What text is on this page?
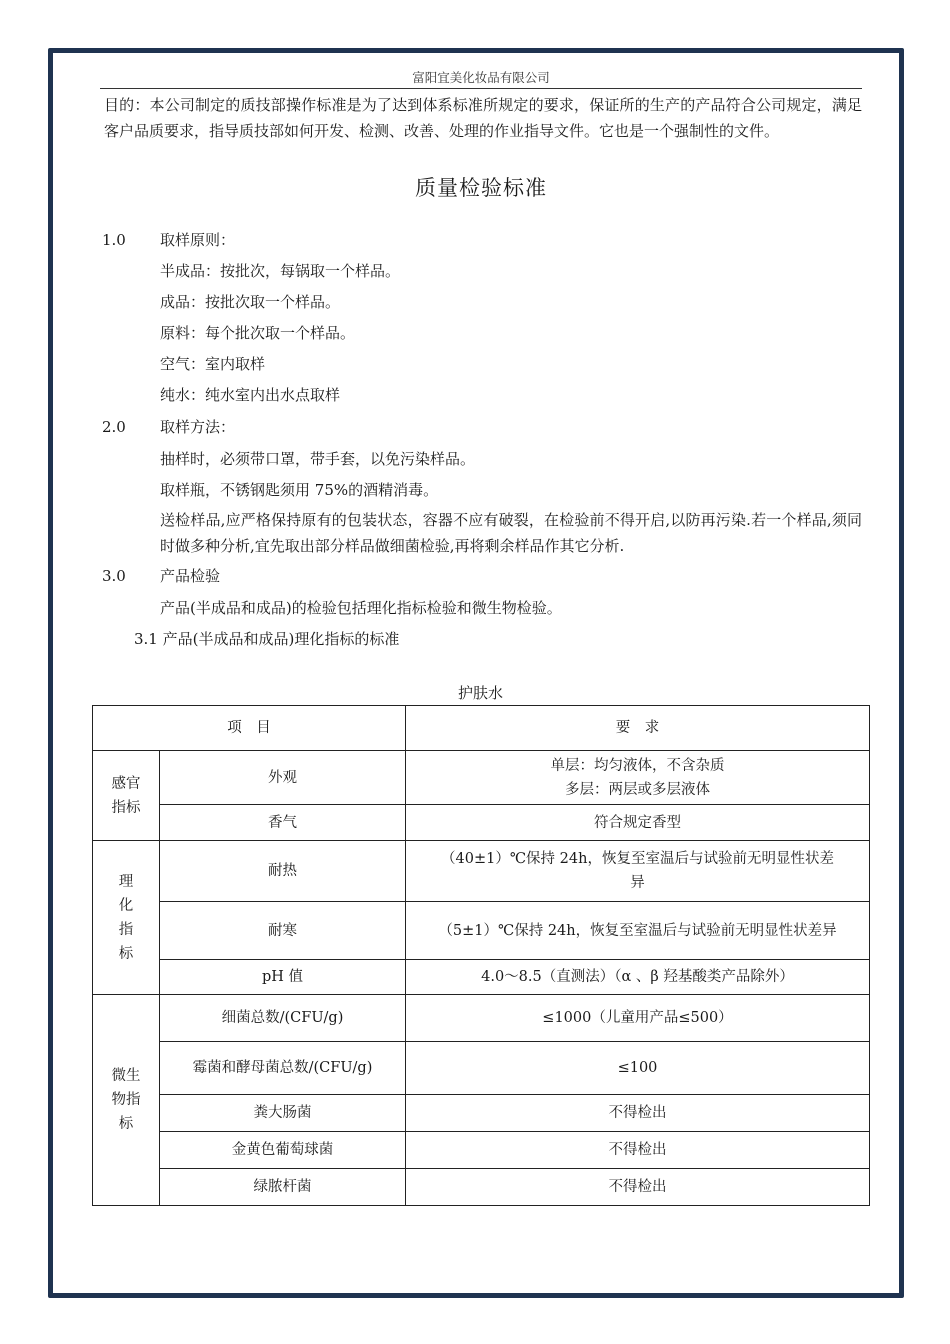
富阳宜美化妆品有限公司
目的：本公司制定的质技部操作标准是为了达到体系标准所规定的要求，保证所的生产的产品符合公司规定，满足客户品质要求，指导质技部如何开发、检测、改善、处理的作业指导文件。它也是一个强制性的文件。
质量检验标准
1.0 取样原则：
半成品：按批次，每锅取一个样品。
成品：按批次取一个样品。
原料：每个批次取一个样品。
空气：室内取样
纯水：纯水室内出水点取样
2.0 取样方法：
抽样时，必须带口罩，带手套，以免污染样品。
取样瓶，不锈钢匙须用 75%的酒精消毒。
送检样品,应严格保持原有的包装状态，容器不应有破裂，在检验前不得开启,以防再污染.若一个样品,须同时做多种分析,宜先取出部分样品做细菌检验,再将剩余样品作其它分析.
3.0 产品检验
产品(半成品和成品)的检验包括理化指标检验和微生物检验。
3.1 产品(半成品和成品)理化指标的标准
护肤水
项　目		要　求

感官
指标	外观	单层：均匀液体，不含杂质
多层：两层或多层液体

	香气	符合规定香型

理
化
指
标	耐热	（40±1）℃保持 24h，恢复至室温后与试验前无明显性状差
异

	耐寒	（5±1）℃保持 24h，恢复至室温后与试验前无明显性状差异
	pH 值	4.0～8.5（直测法）（α 、β 羟基酸类产品除外）

微生
物指
标	细菌总数/(CFU/g)	≤1000（儿童用产品≤500）
	霉菌和酵母菌总数/(CFU/g)	≤100
	粪大肠菌	不得检出
	金黄色葡萄球菌	不得检出
	绿脓杆菌	不得检出
